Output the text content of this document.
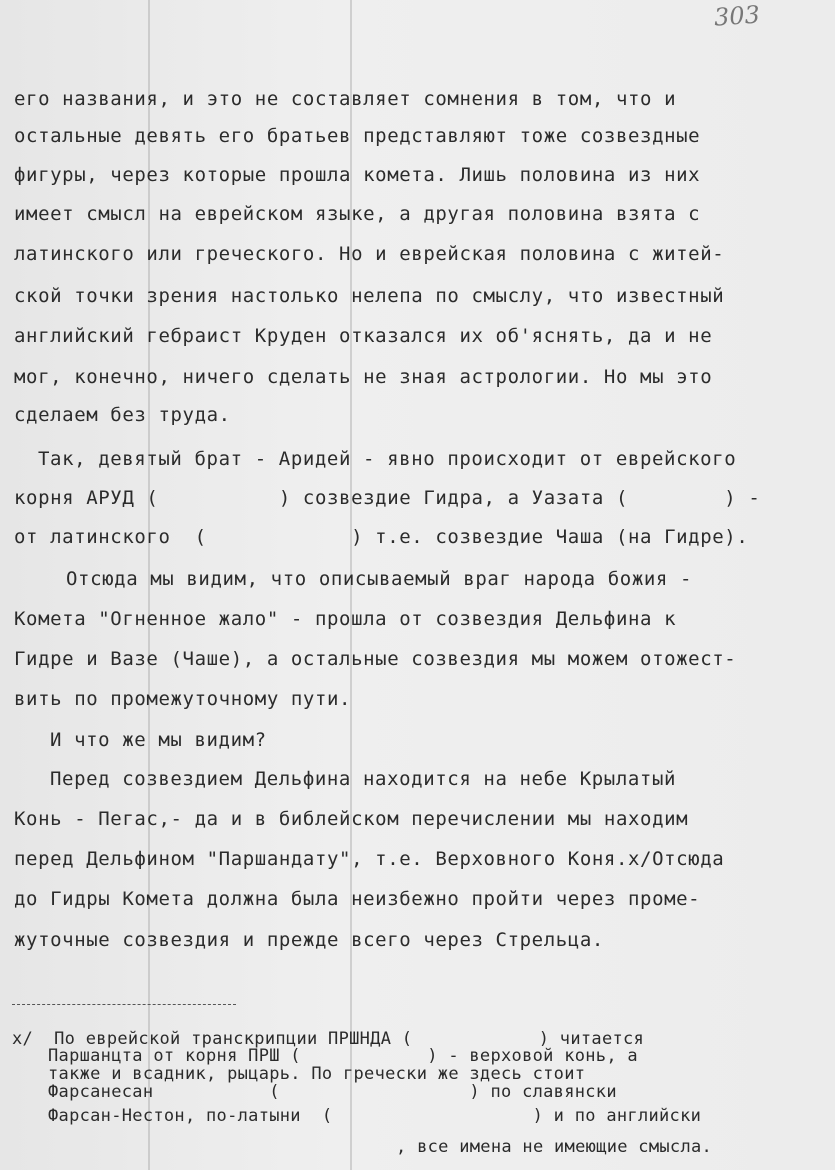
303
его названия, и это не составляет сомнения в том, что и
остальные девять его братьев представляют тоже созвездные
фигуры, через которые прошла комета. Лишь половина из них
имеет смысл на еврейском языке, а другая половина взята с
латинского или греческого. Но и еврейская половина с житей-
ской точки зрения настолько нелепа по смыслу, что известный
английский гебраист Круден отказался их об'яснять, да и не
мог, конечно, ничего сделать не зная астрологии. Но мы это
сделаем без труда.
Так, девятый брат - Аридей - явно происходит от еврейского
корня АРУД (          ) созвездие Гидра, а Уазата (        ) -
от латинского  (            ) т.е. созвездие Чаша (на Гидре).
Отсюда мы видим, что описываемый враг народа божия -
Комета "Огненное жало" - прошла от созвездия Дельфина к
Гидре и Вазе (Чаше), а остальные созвездия мы можем отожест-
вить по промежуточному пути.
И что же мы видим?
Перед созвездием Дельфина находится на небе Крылатый
Конь - Пегас,- да и в библейском перечислении мы находим
перед Дельфином "Паршандату", т.е. Верховного Коня.x/Отсюда
до Гидры Комета должна была неизбежно пройти через проме-
жуточные созвездия и прежде всего через Стрельца.
x/  По еврейской транскрипции ПРШНДА (            ) читается
Паршанцта от корня ПРШ (            ) - верховой конь, а
также и всадник, рыцарь. По гречески же здесь стоит
Фарсанесан           (                  ) по славянски
Фарсан-Нестон, по-латыни  (                   ) и по английски
, все имена не имеющие смысла.
